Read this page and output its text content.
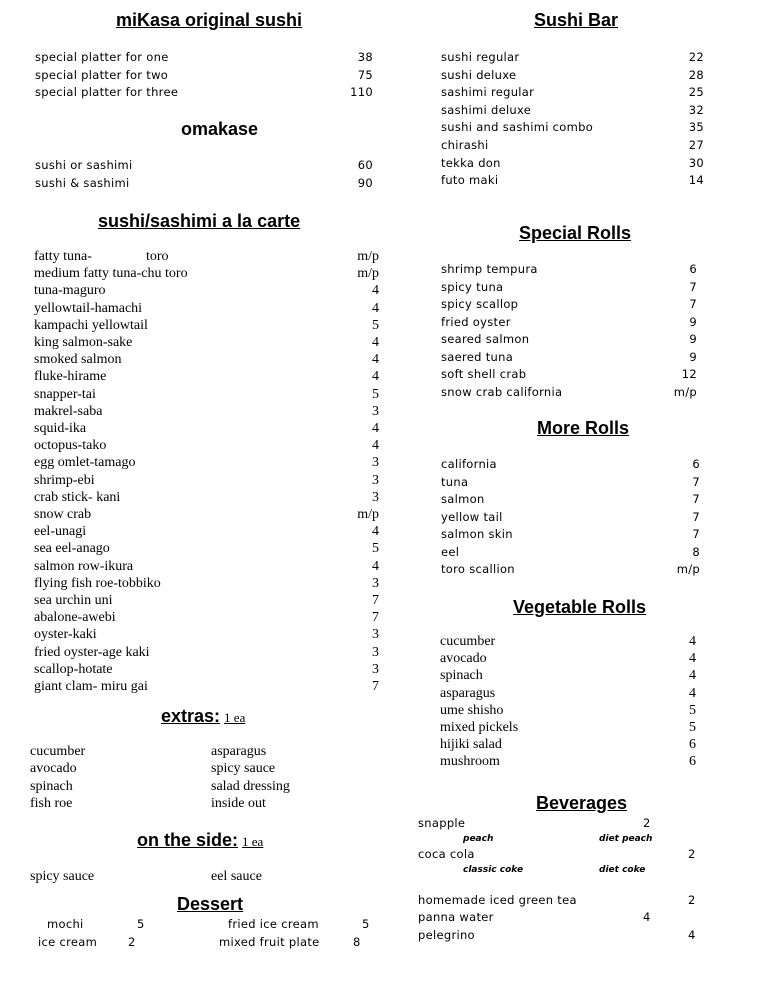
miKasa original sushi
special platter for one	38
special platter for two	75
special platter for three	110
omakase
sushi or sashimi	60
sushi & sashimi	90
sushi/sashimi a la carte
fatty tuna-	toro	m/p
medium fatty tuna-chu toro	m/p
tuna-maguro	4
yellowtail-hamachi	4
kampachi yellowtail	5
king salmon-sake	4
smoked salmon	4
fluke-hirame	4
snapper-tai	5
makrel-saba	3
squid-ika	4
octopus-tako	4
egg omlet-tamago	3
shrimp-ebi	3
crab stick- kani	3
snow crab	m/p
eel-unagi	4
sea eel-anago	5
salmon row-ikura	4
flying fish roe-tobbiko	3
sea urchin uni	7
abalone-awebi	7
oyster-kaki	3
fried oyster-age kaki	3
scallop-hotate	3
giant clam- miru gai	7
extras: 1 ea
cucumber	asparagus
avocado	spicy sauce
spinach	salad dressing
fish roe	inside out
on the side: 1 ea
spicy sauce	eel sauce
Dessert
mochi	5	fried ice cream	5
ice cream	2	mixed fruit plate	8
Sushi Bar
sushi regular	22
sushi deluxe	28
sashimi regular	25
sashimi deluxe	32
sushi and sashimi combo	35
chirashi	27
tekka don	30
futo maki	14
Special Rolls
shrimp tempura	6
spicy tuna	7
spicy scallop	7
fried oyster	9
seared salmon	9
saered tuna	9
soft shell crab	12
snow crab california	m/p
More Rolls
california	6
tuna	7
salmon	7
yellow tail	7
salmon skin	7
eel	8
toro scallion	m/p
Vegetable Rolls
cucumber	4
avocado	4
spinach	4
asparagus	4
ume shisho	5
mixed pickels	5
hijiki salad	6
mushroom	6
Beverages
snapple	2
peach	diet peach
coca cola	2
classic coke	diet coke
homemade iced green tea	2
panna water	4
pelegrino	4
